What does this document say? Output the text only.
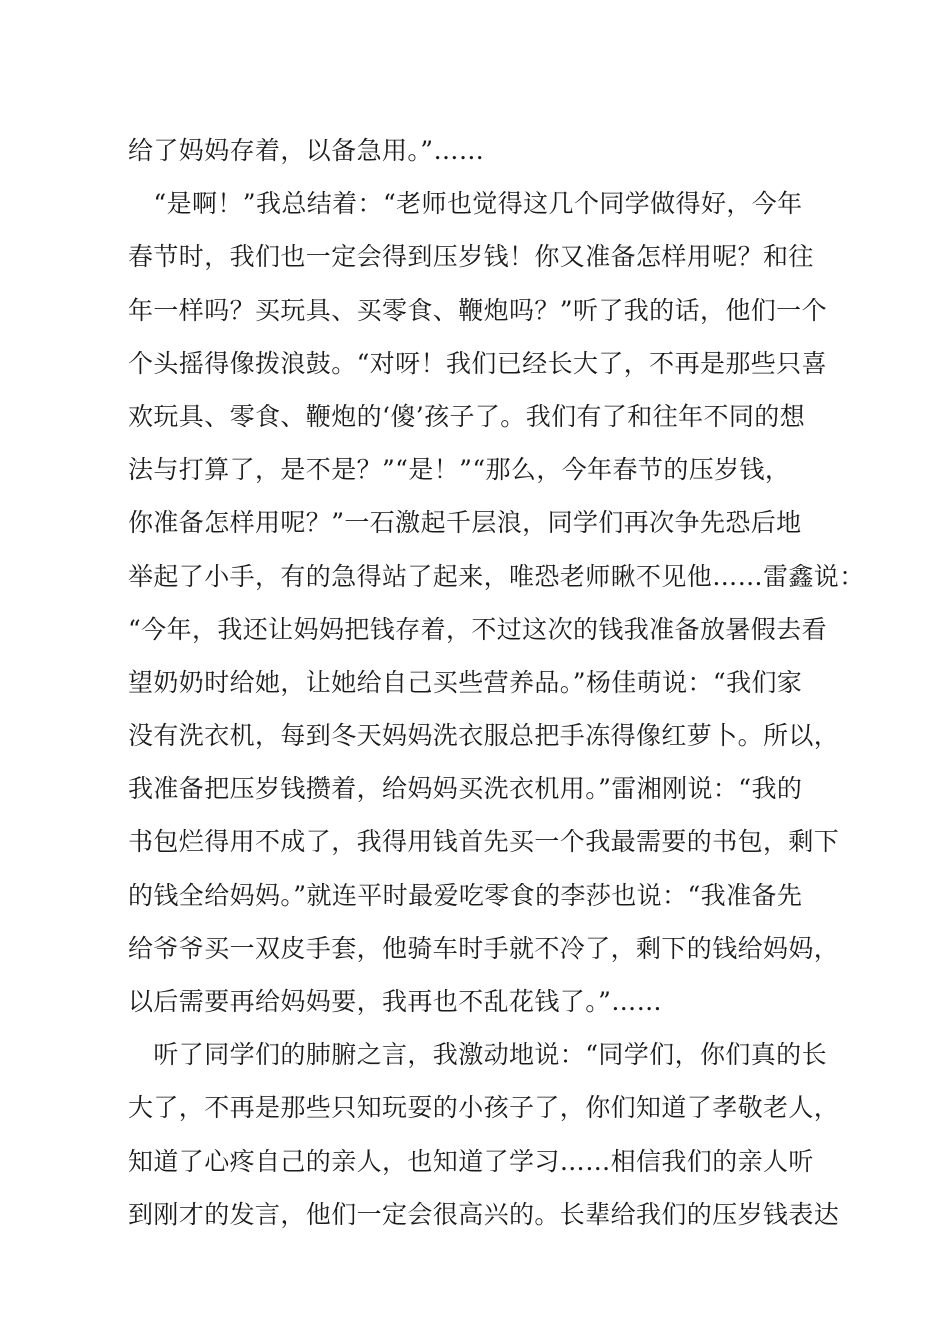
给了妈妈存着，以备急用。”……
　“是啊！”我总结着：“老师也觉得这几个同学做得好，今年
春节时，我们也一定会得到压岁钱！你又准备怎样用呢？和往
年一样吗？买玩具、买零食、鞭炮吗？”听了我的话，他们一个
个头摇得像拨浪鼓。“对呀！我们已经长大了，不再是那些只喜
欢玩具、零食、鞭炮的‘傻’孩子了。我们有了和往年不同的想
法与打算了，是不是？”“是！”“那么，今年春节的压岁钱，
你准备怎样用呢？”一石激起千层浪，同学们再次争先恐后地
举起了小手，有的急得站了起来，唯恐老师瞅不见他……雷鑫说：
“今年，我还让妈妈把钱存着，不过这次的钱我准备放暑假去看
望奶奶时给她，让她给自己买些营养品。”杨佳萌说：“我们家
没有洗衣机，每到冬天妈妈洗衣服总把手冻得像红萝卜。所以，
我准备把压岁钱攒着，给妈妈买洗衣机用。”雷湘刚说：“我的
书包烂得用不成了，我得用钱首先买一个我最需要的书包，剩下
的钱全给妈妈。”就连平时最爱吃零食的李莎也说：“我准备先
给爷爷买一双皮手套，他骑车时手就不冷了，剩下的钱给妈妈，
以后需要再给妈妈要，我再也不乱花钱了。”……
　听了同学们的肺腑之言，我激动地说：“同学们，你们真的长
大了，不再是那些只知玩耍的小孩子了，你们知道了孝敬老人，
知道了心疼自己的亲人，也知道了学习……相信我们的亲人听
到刚才的发言，他们一定会很高兴的。长辈给我们的压岁钱表达
